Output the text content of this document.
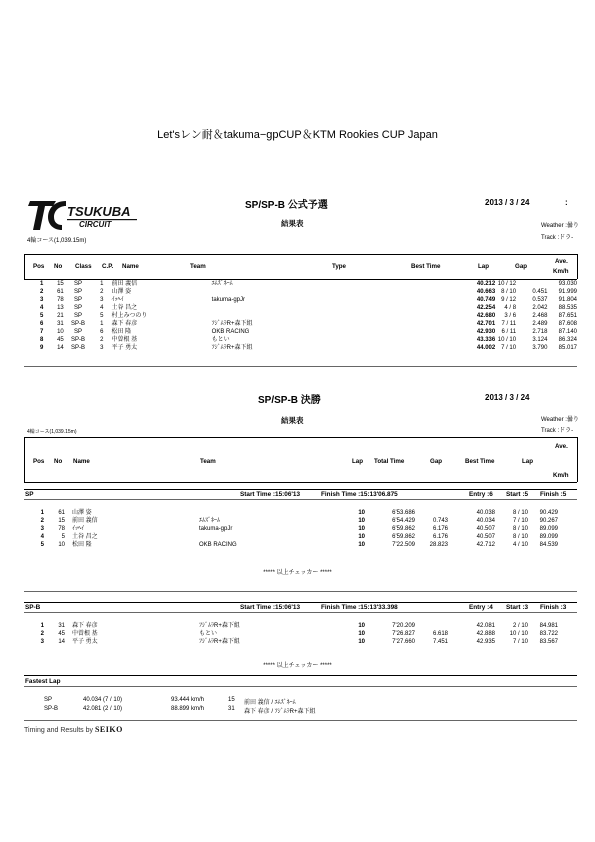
Let'sレン耐＆takuma−gpCUP＆KTM Rookies CUP Japan
TSUKUBA
CIRCUIT
4輪コース(1,039.15m)
SP/SP-B 公式予選
結果表
2013 / 3 / 24	:
Weather :曇り
Track :ドラ-
Pos No Class C.P. Name	Team	Type	Best Time	Lap	Gap
Ave.
Km/h
1	15	SP	1	前田 義信		ｴﾑｽﾞﾈｰﾑ		40.212	10 / 12		93.030
2	61	SP	2	山澤 姿				40.663	8 / 10	0.451	91.999
3	78	SP	3	ｲｯﾍｲ		takuma-gpJr		40.749	9 / 12	0.537	91.804
4	13	SP	4	土谷 昌之				42.254	4 / 8	2.042	88.535
5	21	SP	5	村上みつのり				42.680	3 / 6	2.468	87.651
6	31	SP-B	1	森下 春彦		ﾌｼﾞﾑﾗR+森下組		42.701	7 / 11	2.489	87.608
7	10	SP	6	松田 隆		OKB RACING		42.930	6 / 11	2.718	87.140
8	45	SP-B	2	中曽根 基		もとい		43.336	10 / 10	3.124	86.324
9	14	SP-B	3	平子 勇太		ﾌｼﾞﾑﾗR+森下組		44.002	7 / 10	3.790	85.017
SP/SP-B 決勝
結果表
2013 / 3 / 24
4輪コース(1,039.15m)
Weather :曇り
Track :ドラ-
Ave.
Pos No Name	Team	Lap Total Time	Gap	Best Time	Lap
Km/h
SP	Start Time :15:06'13	Finish Time :15:13'06.875	Entry :6 Start :5 Finish :5
1	61		山澤 姿		10	6'53.686		40.038	8 / 10	90.429	
2	15		前田 義信	ｴﾑｽﾞﾈｰﾑ	10	6'54.429	0.743	40.034	7 / 10	90.267	
3	78		ｲｯﾍｲ	takuma-gpJr	10	6'59.862	6.176	40.507	8 / 10	89.099	
4	5		土谷 昌之		10	6'59.862	6.176	40.507	8 / 10	89.099	
5	10		松田 隆	OKB RACING	10	7'22.509	28.823	42.712	4 / 10	84.539	
***** 以上チェッカー *****
SP-B	Start Time :15:06'13	Finish Time :15:13'33.398	Entry :4 Start :3 Finish :3
1	31		森下 春彦	ﾌｼﾞﾑﾗR+森下組	10	7'20.209		42.081	2 / 10	84.981	
2	45		中曽根 基	もとい	10	7'26.827	6.618	42.888	10 / 10	83.722	
3	14		平子 勇太	ﾌｼﾞﾑﾗR+森下組	10	7'27.660	7.451	42.935	7 / 10	83.567	
***** 以上チェッカー *****
Fastest Lap
SP	40.034 (7 / 10)	93.444 km/h	15 前田 義信 / ｴﾑｽﾞﾈｰﾑ
SP-B	42.081 (2 / 10)	88.899 km/h	31 森下 春彦 / ﾌｼﾞﾑﾗR+森下組
Timing and Results by SEIKO
